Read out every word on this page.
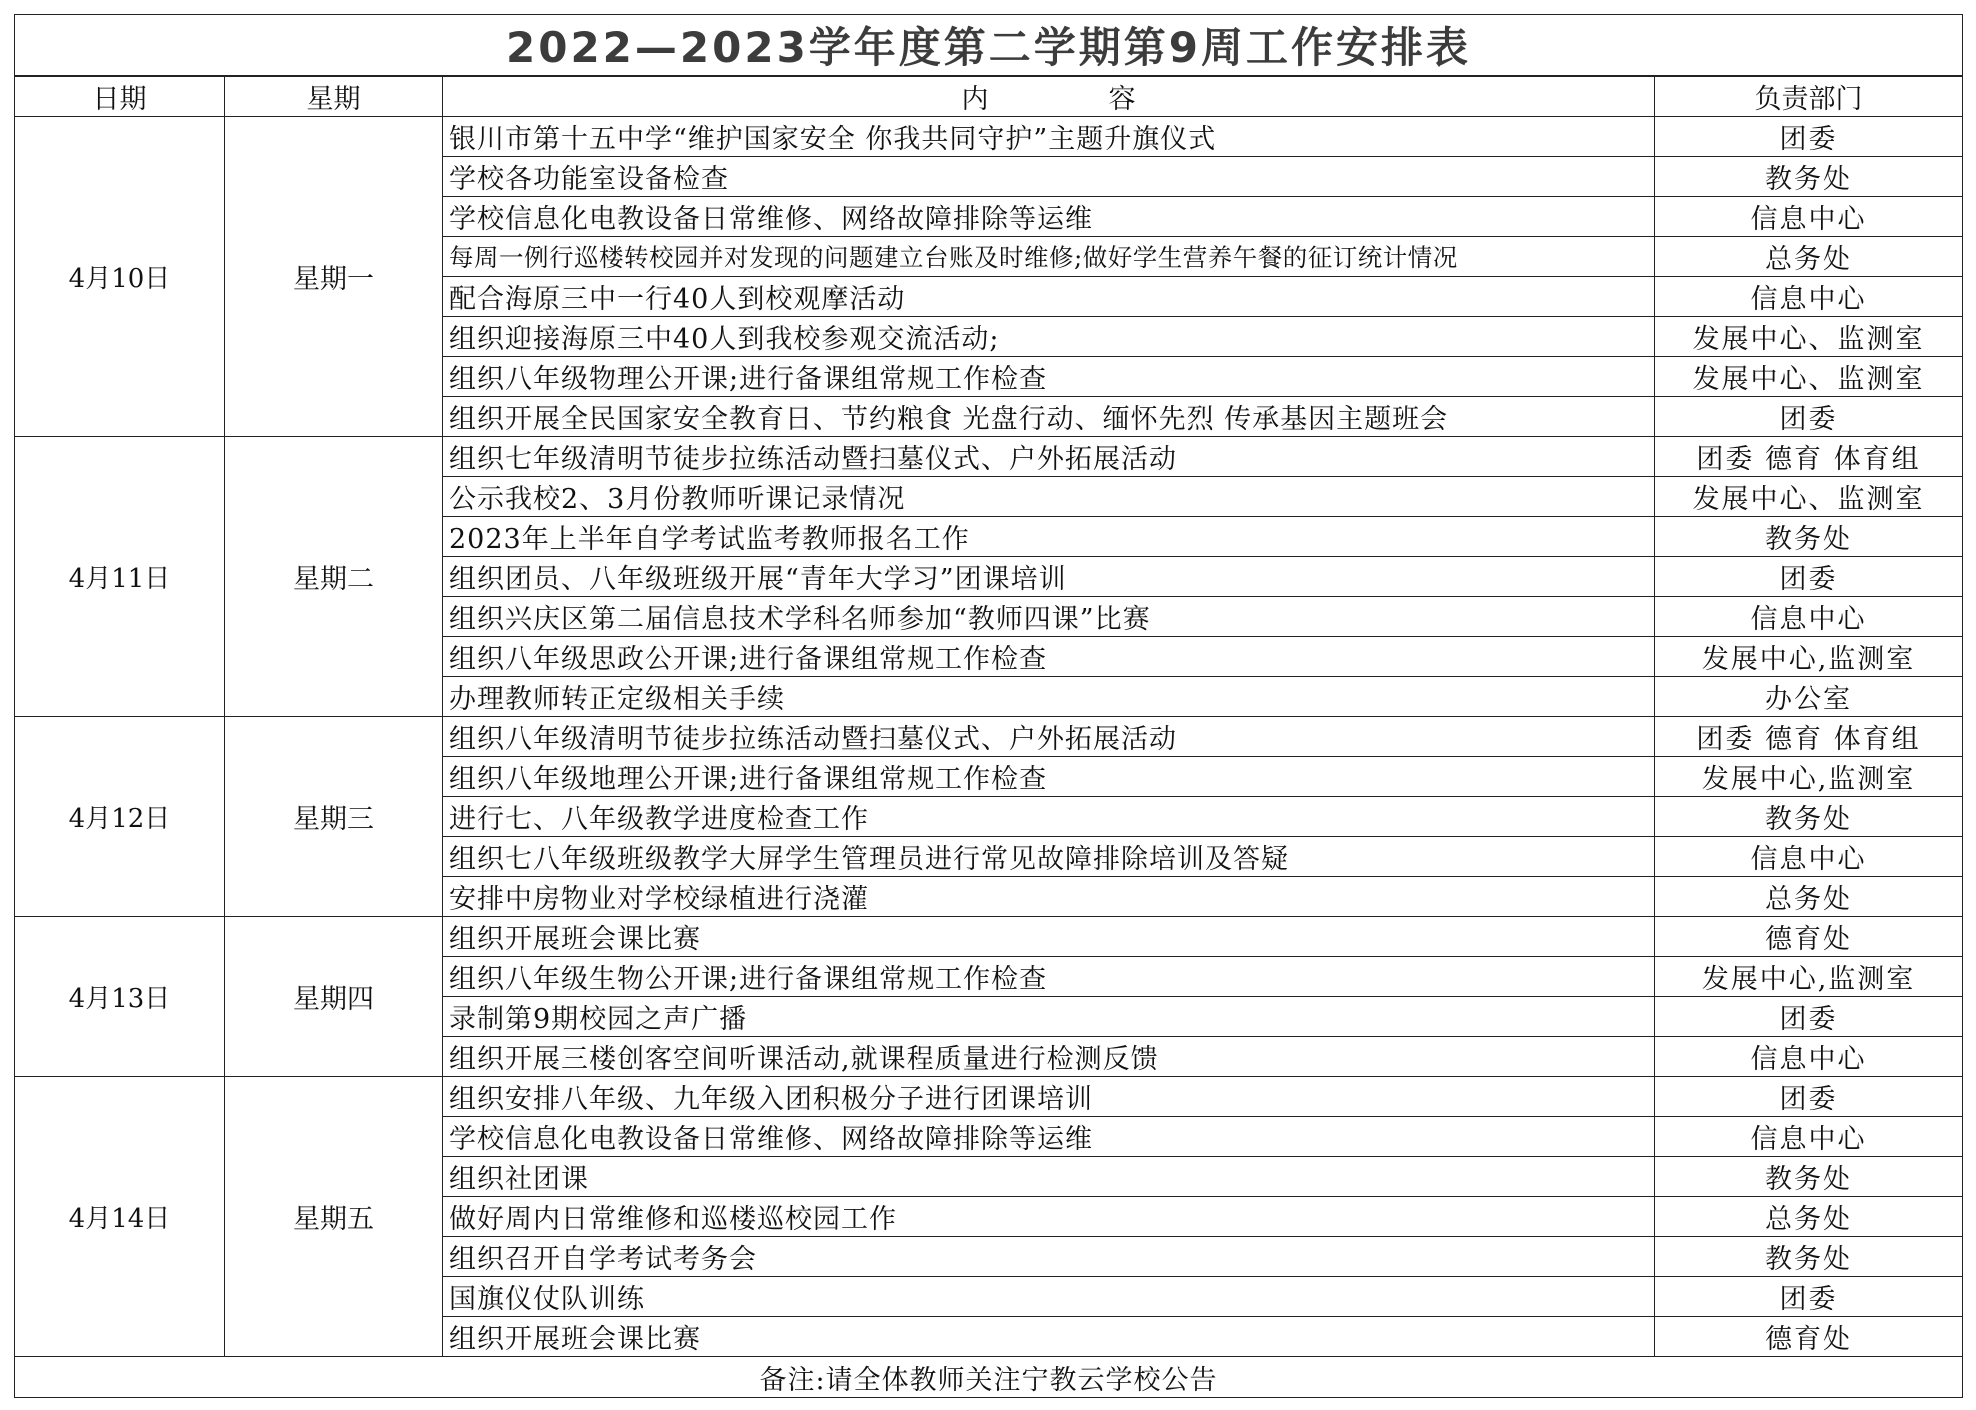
2022—2023学年度第二学期第9周工作安排表			
日期	星期	内容	负责部门
4月10日	星期一	银川市第十五中学“维护国家安全 你我共同守护”主题升旗仪式	团委
		学校各功能室设备检查	教务处
		学校信息化电教设备日常维修、网络故障排除等运维	信息中心
		每周一例行巡楼转校园并对发现的问题建立台账及时维修;做好学生营养午餐的征订统计情况	总务处
		配合海原三中一行40人到校观摩活动	信息中心
		组织迎接海原三中40人到我校参观交流活动;	发展中心、监测室
		组织八年级物理公开课;进行备课组常规工作检查	发展中心、监测室
		组织开展全民国家安全教育日、节约粮食 光盘行动、缅怀先烈 传承基因主题班会	团委
4月11日	星期二	组织七年级清明节徒步拉练活动暨扫墓仪式、户外拓展活动	团委 德育 体育组
		公示我校2、3月份教师听课记录情况	发展中心、监测室
		2023年上半年自学考试监考教师报名工作	教务处
		组织团员、八年级班级开展“青年大学习”团课培训	团委
		组织兴庆区第二届信息技术学科名师参加“教师四课”比赛	信息中心
		组织八年级思政公开课;进行备课组常规工作检查	发展中心,监测室
		办理教师转正定级相关手续	办公室
4月12日	星期三	组织八年级清明节徒步拉练活动暨扫墓仪式、户外拓展活动	团委 德育 体育组
		组织八年级地理公开课;进行备课组常规工作检查	发展中心,监测室
		进行七、八年级教学进度检查工作	教务处
		组织七八年级班级教学大屏学生管理员进行常见故障排除培训及答疑	信息中心
		安排中房物业对学校绿植进行浇灌	总务处
4月13日	星期四	组织开展班会课比赛	德育处
		组织八年级生物公开课;进行备课组常规工作检查	发展中心,监测室
		录制第9期校园之声广播	团委
		组织开展三楼创客空间听课活动,就课程质量进行检测反馈	信息中心
4月14日	星期五	组织安排八年级、九年级入团积极分子进行团课培训	团委
		学校信息化电教设备日常维修、网络故障排除等运维	信息中心
		组织社团课	教务处
		做好周内日常维修和巡楼巡校园工作	总务处
		组织召开自学考试考务会	教务处
		国旗仪仗队训练	团委
		组织开展班会课比赛	德育处
备注:请全体教师关注宁教云学校公告			
